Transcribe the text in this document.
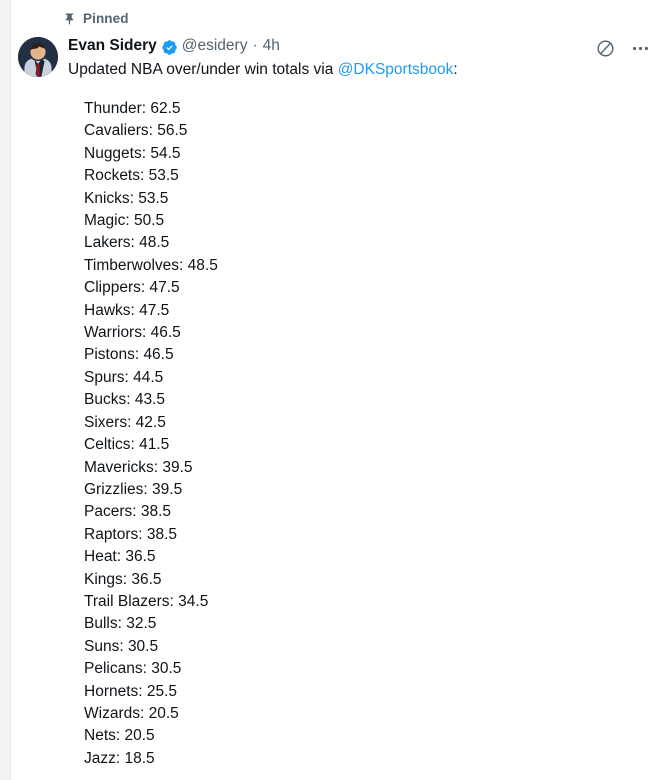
Pinned
Evan Sidery @esidery · 4h
Updated NBA over/under win totals via @DKSportsbook:
Thunder: 62.5
Cavaliers: 56.5
Nuggets: 54.5
Rockets: 53.5
Knicks: 53.5
Magic: 50.5
Lakers: 48.5
Timberwolves: 48.5
Clippers: 47.5
Hawks: 47.5
Warriors: 46.5
Pistons: 46.5
Spurs: 44.5
Bucks: 43.5
Sixers: 42.5
Celtics: 41.5
Mavericks: 39.5
Grizzlies: 39.5
Pacers: 38.5
Raptors: 38.5
Heat: 36.5
Kings: 36.5
Trail Blazers: 34.5
Bulls: 32.5
Suns: 30.5
Pelicans: 30.5
Hornets: 25.5
Wizards: 20.5
Nets: 20.5
Jazz: 18.5
